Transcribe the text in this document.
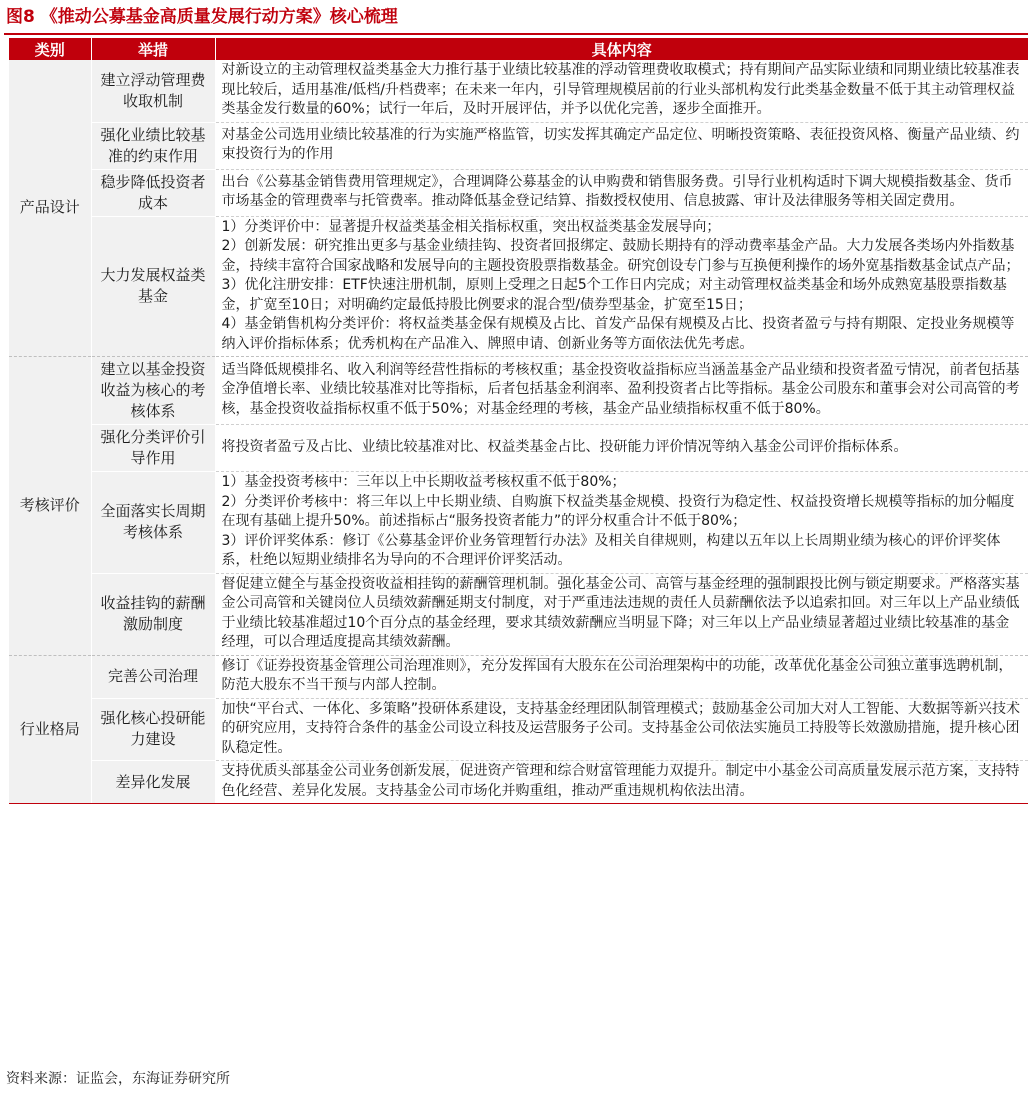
图8 《推动公募基金高质量发展行动方案》核心梳理
类别	举措	具体内容
产品设计	建立浮动管理费收取机制	对新设立的主动管理权益类基金大力推行基于业绩比较基准的浮动管理费收取模式；持有期间产品实际业绩和同期业绩比较基准表现比较后，适用基准/低档/升档费率；在未来一年内，引导管理规模居前的行业头部机构发行此类基金数量不低于其主动管理权益类基金发行数量的60%；试行一年后，及时开展评估，并予以优化完善，逐步全面推开。

	强化业绩比较基准的约束作用	对基金公司选用业绩比较基准的行为实施严格监管，切实发挥其确定产品定位、明晰投资策略、表征投资风格、衡量产品业绩、约束投资行为的作用

	稳步降低投资者成本	出台《公募基金销售费用管理规定》，合理调降公募基金的认申购费和销售服务费。引导行业机构适时下调大规模指数基金、货币市场基金的管理费率与托管费率。推动降低基金登记结算、指数授权使用、信息披露、审计及法律服务等相关固定费用。

	大力发展权益类基金	1）分类评价中：显著提升权益类基金相关指标权重，突出权益类基金发展导向；
2）创新发展：研究推出更多与基金业绩挂钩、投资者回报绑定、鼓励长期持有的浮动费率基金产品。大力发展各类场内外指数基金，持续丰富符合国家战略和发展导向的主题投资股票指数基金。研究创设专门参与互换便利操作的场外宽基指数基金试点产品；
3）优化注册安排：ETF快速注册机制，原则上受理之日起5个工作日内完成；对主动管理权益类基金和场外成熟宽基股票指数基金，扩宽至10日；对明确约定最低持股比例要求的混合型/债券型基金，扩宽至15日；
4）基金销售机构分类评价：将权益类基金保有规模及占比、首发产品保有规模及占比、投资者盈亏与持有期限、定投业务规模等纳入评价指标体系；优秀机构在产品准入、牌照申请、创新业务等方面依法优先考虑。

考核评价	建立以基金投资收益为核心的考核体系	适当降低规模排名、收入利润等经营性指标的考核权重；基金投资收益指标应当涵盖基金产品业绩和投资者盈亏情况，前者包括基金净值增长率、业绩比较基准对比等指标，后者包括基金利润率、盈利投资者占比等指标。基金公司股东和董事会对公司高管的考核，基金投资收益指标权重不低于50%；对基金经理的考核，基金产品业绩指标权重不低于80%。

	强化分类评价引导作用	将投资者盈亏及占比、业绩比较基准对比、权益类基金占比、投研能力评价情况等纳入基金公司评价指标体系。

	全面落实长周期考核体系	1）基金投资考核中：三年以上中长期收益考核权重不低于80%；
2）分类评价考核中：将三年以上中长期业绩、自购旗下权益类基金规模、投资行为稳定性、权益投资增长规模等指标的加分幅度在现有基础上提升50%。前述指标占“服务投资者能力”的评分权重合计不低于80%；
3）评价评奖体系：修订《公募基金评价业务管理暂行办法》及相关自律规则，构建以五年以上长周期业绩为核心的评价评奖体系，杜绝以短期业绩排名为导向的不合理评价评奖活动。

	收益挂钩的薪酬激励制度	督促建立健全与基金投资收益相挂钩的薪酬管理机制。强化基金公司、高管与基金经理的强制跟投比例与锁定期要求。严格落实基金公司高管和关键岗位人员绩效薪酬延期支付制度，对于严重违法违规的责任人员薪酬依法予以追索扣回。对三年以上产品业绩低于业绩比较基准超过10个百分点的基金经理，要求其绩效薪酬应当明显下降；对三年以上产品业绩显著超过业绩比较基准的基金经理，可以合理适度提高其绩效薪酬。

行业格局	完善公司治理	修订《证券投资基金管理公司治理准则》，充分发挥国有大股东在公司治理架构中的功能，改革优化基金公司独立董事选聘机制，防范大股东不当干预与内部人控制。

	强化核心投研能力建设	加快“平台式、一体化、多策略”投研体系建设，支持基金经理团队制管理模式；鼓励基金公司加大对人工智能、大数据等新兴技术的研究应用，支持符合条件的基金公司设立科技及运营服务子公司。支持基金公司依法实施员工持股等长效激励措施，提升核心团队稳定性。

	差异化发展	支持优质头部基金公司业务创新发展，促进资产管理和综合财富管理能力双提升。制定中小基金公司高质量发展示范方案，支持特色化经营、差异化发展。支持基金公司市场化并购重组，推动严重违规机构依法出清。
资料来源：证监会，东海证券研究所
